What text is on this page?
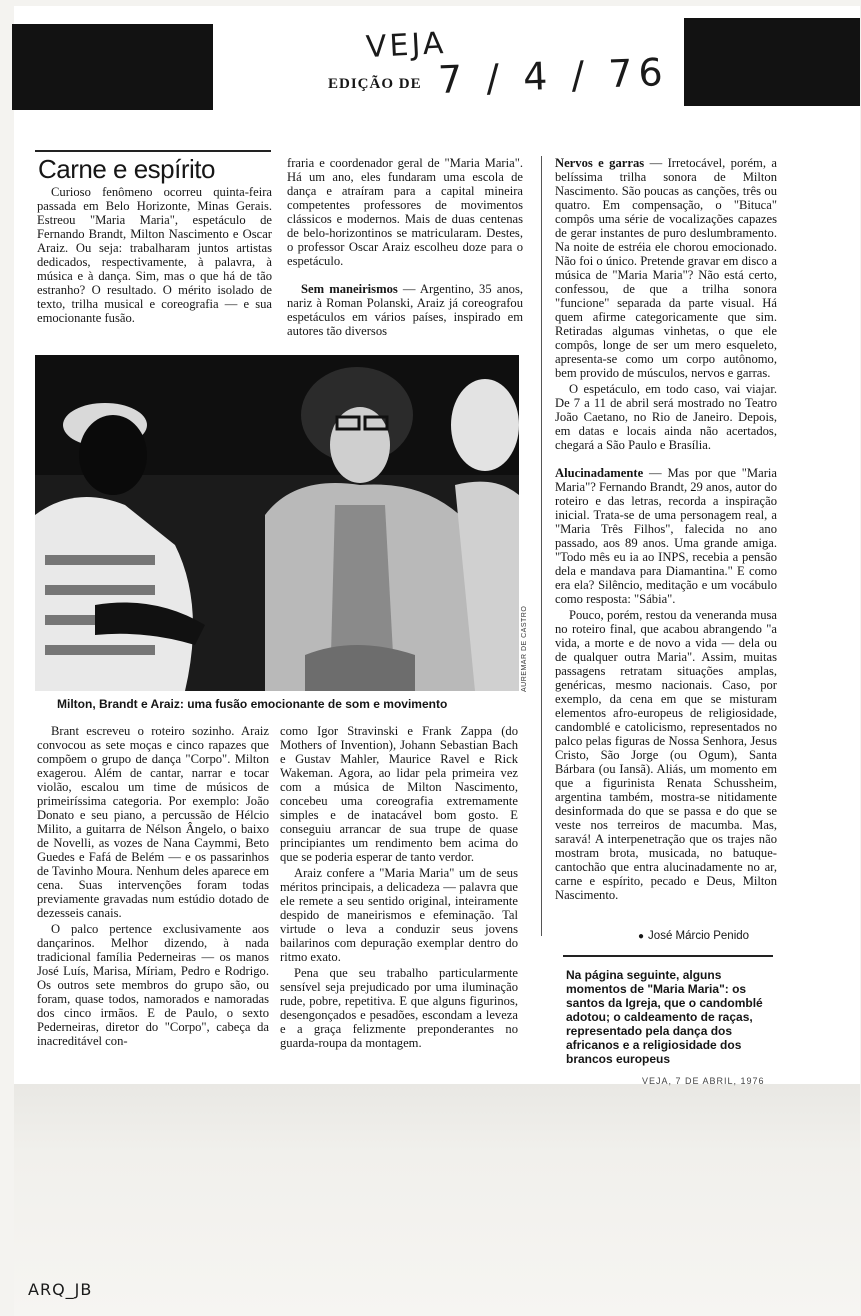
VEJA
EDIÇÃO DE 7 / 4 / 76
Carne e espírito

Curioso fenômeno ocorreu quinta-feira passada em Belo Horizonte, Minas Gerais. Estreou "Maria Maria", espetáculo de Fernando Brandt, Milton Nascimento e Oscar Araiz. Ou seja: trabalharam juntos artistas dedicados, respectivamente, à palavra, à música e à dança. Sim, mas o que há de tão estranho? O resultado. O mérito isolado de texto, trilha musical e coreografia — e sua emocionante fusão.

fraria e coordenador geral de "Maria Maria". Há um ano, eles fundaram uma escola de dança e atraíram para a capital mineira competentes professores de movimentos clássicos e modernos. Mais de duas centenas de belo-horizontinos se matricularam. Destes, o professor Oscar Araiz escolheu doze para o espetáculo.

Sem maneirismos — Argentino, 35 anos, nariz à Roman Polanski, Araiz já coreografou espetáculos em vários países, inspirado em autores tão diversos

Nervos e garras — Irretocável, porém, a belíssima trilha sonora de Milton Nascimento. São poucas as canções, três ou quatro. Em compensação, o "Bituca" compôs uma série de vocalizações capazes de gerar instantes de puro deslumbramento. Na noite de estréia ele chorou emocionado. Não foi o único. Pretende gravar em disco a música de "Maria Maria"? Não está certo, confessou, de que a trilha sonora "funcione" separada da parte visual. Há quem afirme categoricamente que sim. Retiradas algumas vinhetas, o que ele compôs, longe de ser um mero esqueleto, apresenta-se como um corpo autônomo, bem provido de músculos, nervos e garras.

O espetáculo, em todo caso, vai viajar. De 7 a 11 de abril será mostrado no Teatro João Caetano, no Rio de Janeiro. Depois, em datas e locais ainda não acertados, chegará a São Paulo e Brasília.

Alucinadamente — Mas por que "Maria Maria"? Fernando Brandt, 29 anos, autor do roteiro e das letras, recorda a inspiração inicial. Trata-se de uma personagem real, a "Maria Três Filhos", falecida no ano passado, aos 89 anos. Uma grande amiga. "Todo mês eu ia ao INPS, recebia a pensão dela e mandava para Diamantina." E como era ela? Silêncio, meditação e um vocábulo como resposta: "Sábia".

Pouco, porém, restou da veneranda musa no roteiro final, que acabou abrangendo "a vida, a morte e de novo a vida — dela ou de qualquer outra Maria". Assim, muitas passagens retratam situações amplas, genéricas, mesmo nacionais. Caso, por exemplo, da cena em que se misturam elementos afro-europeus de religiosidade, candomblé e catolicismo, representados no palco pelas figuras de Nossa Senhora, Jesus Cristo, São Jorge (ou Ogum), Santa Bárbara (ou Iansã). Aliás, um momento em que a figurinista Renata Schussheim, argentina também, mostra-se nitidamente desinformada do que se passa e do que se veste nos terreiros de macumba. Mas, saravá! A interpenetração que os trajes não mostram brota, musicada, no batuque-cantochão que entra alucinadamente no ar, carne e espírito, pecado e Deus, Milton Nascimento.

AUREMAR DE CASTRO
Milton, Brandt e Araiz: uma fusão emocionante de som e movimento

Brant escreveu o roteiro sozinho. Araiz convocou as sete moças e cinco rapazes que compõem o grupo de dança "Corpo". Milton exagerou. Além de cantar, narrar e tocar violão, escalou um time de músicos de primeiríssima categoria. Por exemplo: João Donato e seu piano, a percussão de Hélcio Milito, a guitarra de Nélson Ângelo, o baixo de Novelli, as vozes de Nana Caymmi, Beto Guedes e Fafá de Belém — e os passarinhos de Tavinho Moura. Nenhum deles aparece em cena. Suas intervenções foram todas previamente gravadas num estúdio dotado de dezesseis canais.

O palco pertence exclusivamente aos dançarinos. Melhor dizendo, à nada tradicional família Pederneiras — os manos José Luís, Marisa, Míriam, Pedro e Rodrigo. Os outros sete membros do grupo são, ou foram, quase todos, namorados e namoradas dos cinco irmãos. E de Paulo, o sexto Pederneiras, diretor do "Corpo", cabeça da inacreditável con-

como Igor Stravinski e Frank Zappa (do Mothers of Invention), Johann Sebastian Bach e Gustav Mahler, Maurice Ravel e Rick Wakeman. Agora, ao lidar pela primeira vez com a música de Milton Nascimento, concebeu uma coreografia extremamente simples e de inatacável bom gosto. E conseguiu arrancar de sua trupe de quase principiantes um rendimento bem acima do que se poderia esperar de tanto verdor.

Araiz confere a "Maria Maria" um de seus méritos principais, a delicadeza — palavra que ele remete a seu sentido original, inteiramente despido de maneirismos e efeminação. Tal virtude o leva a conduzir seus jovens bailarinos com depuração exemplar dentro do ritmo exato.

Pena que seu trabalho particularmente sensível seja prejudicado por uma iluminação rude, pobre, repetitiva. E que alguns figurinos, desengonçados e pesadões, escondam a leveza e a graça felizmente preponderantes no guarda-roupa da montagem.

● José Márcio Penido
Na página seguinte, alguns momentos de "Maria Maria": os santos da Igreja, que o candomblé adotou; o caldeamento de raças, representado pela dança dos africanos e a religiosidade dos brancos europeus
VEJA, 7 DE ABRIL, 1976
ARQ_JB
